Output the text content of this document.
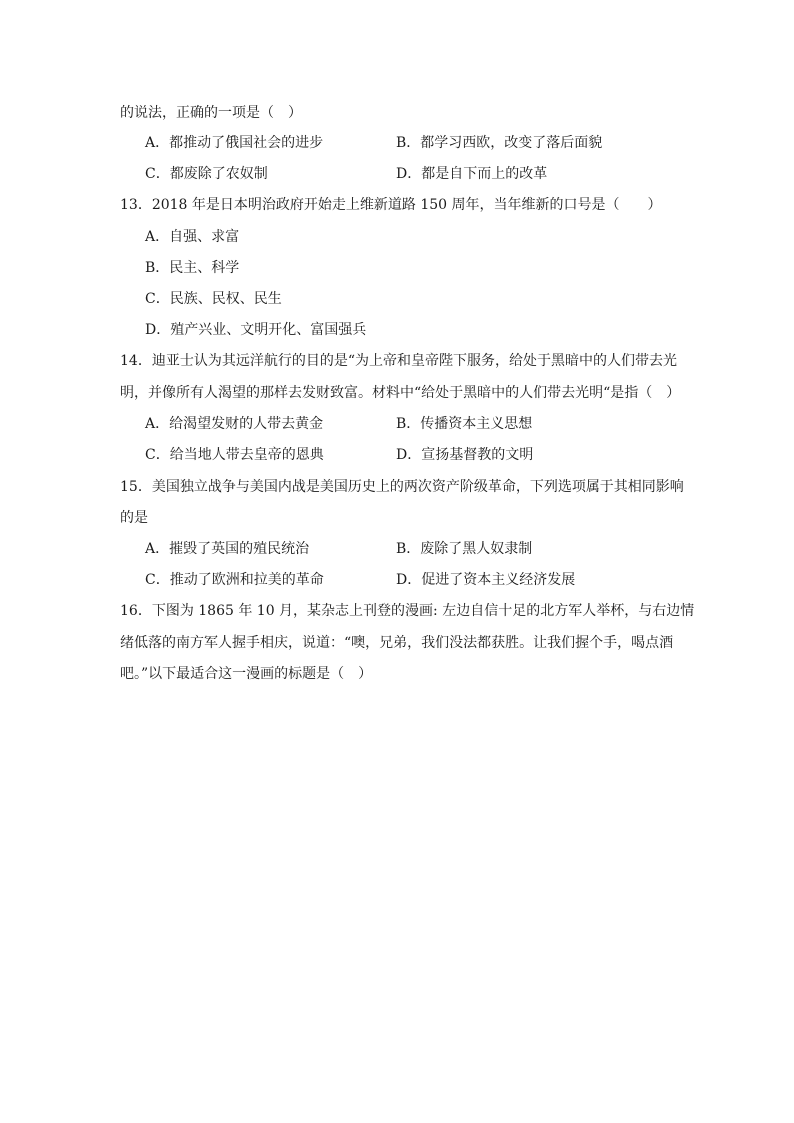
的说法，正确的一项是（　）
A．都推动了俄国社会的进步	B．都学习西欧，改变了落后面貌
C．都废除了农奴制	D．都是自下而上的改革
13．2018 年是日本明治政府开始走上维新道路 150 周年，当年维新的口号是（　　）
A．自强、求富
B．民主、科学
C．民族、民权、民生
D．殖产兴业、文明开化、富国强兵
14．迪亚士认为其远洋航行的目的是“为上帝和皇帝陛下服务，给处于黑暗中的人们带去光
明，并像所有人渴望的那样去发财致富。材料中“给处于黑暗中的人们带去光明“是指（　）
A．给渴望发财的人带去黄金	B．传播资本主义思想
C．给当地人带去皇帝的恩典	D．宣扬基督教的文明
15．美国独立战争与美国内战是美国历史上的两次资产阶级革命，下列选项属于其相同影响
的是
A．摧毁了英国的殖民统治	B．废除了黑人奴隶制
C．推动了欧洲和拉美的革命	D．促进了资本主义经济发展
16．下图为 1865 年 10 月，某杂志上刊登的漫画: 左边自信十足的北方军人举杯，与右边情
绪低落的南方军人握手相庆，说道：“噢，兄弟，我们没法都获胜。让我们握个手，喝点酒
吧。”以下最适合这一漫画的标题是（　）
